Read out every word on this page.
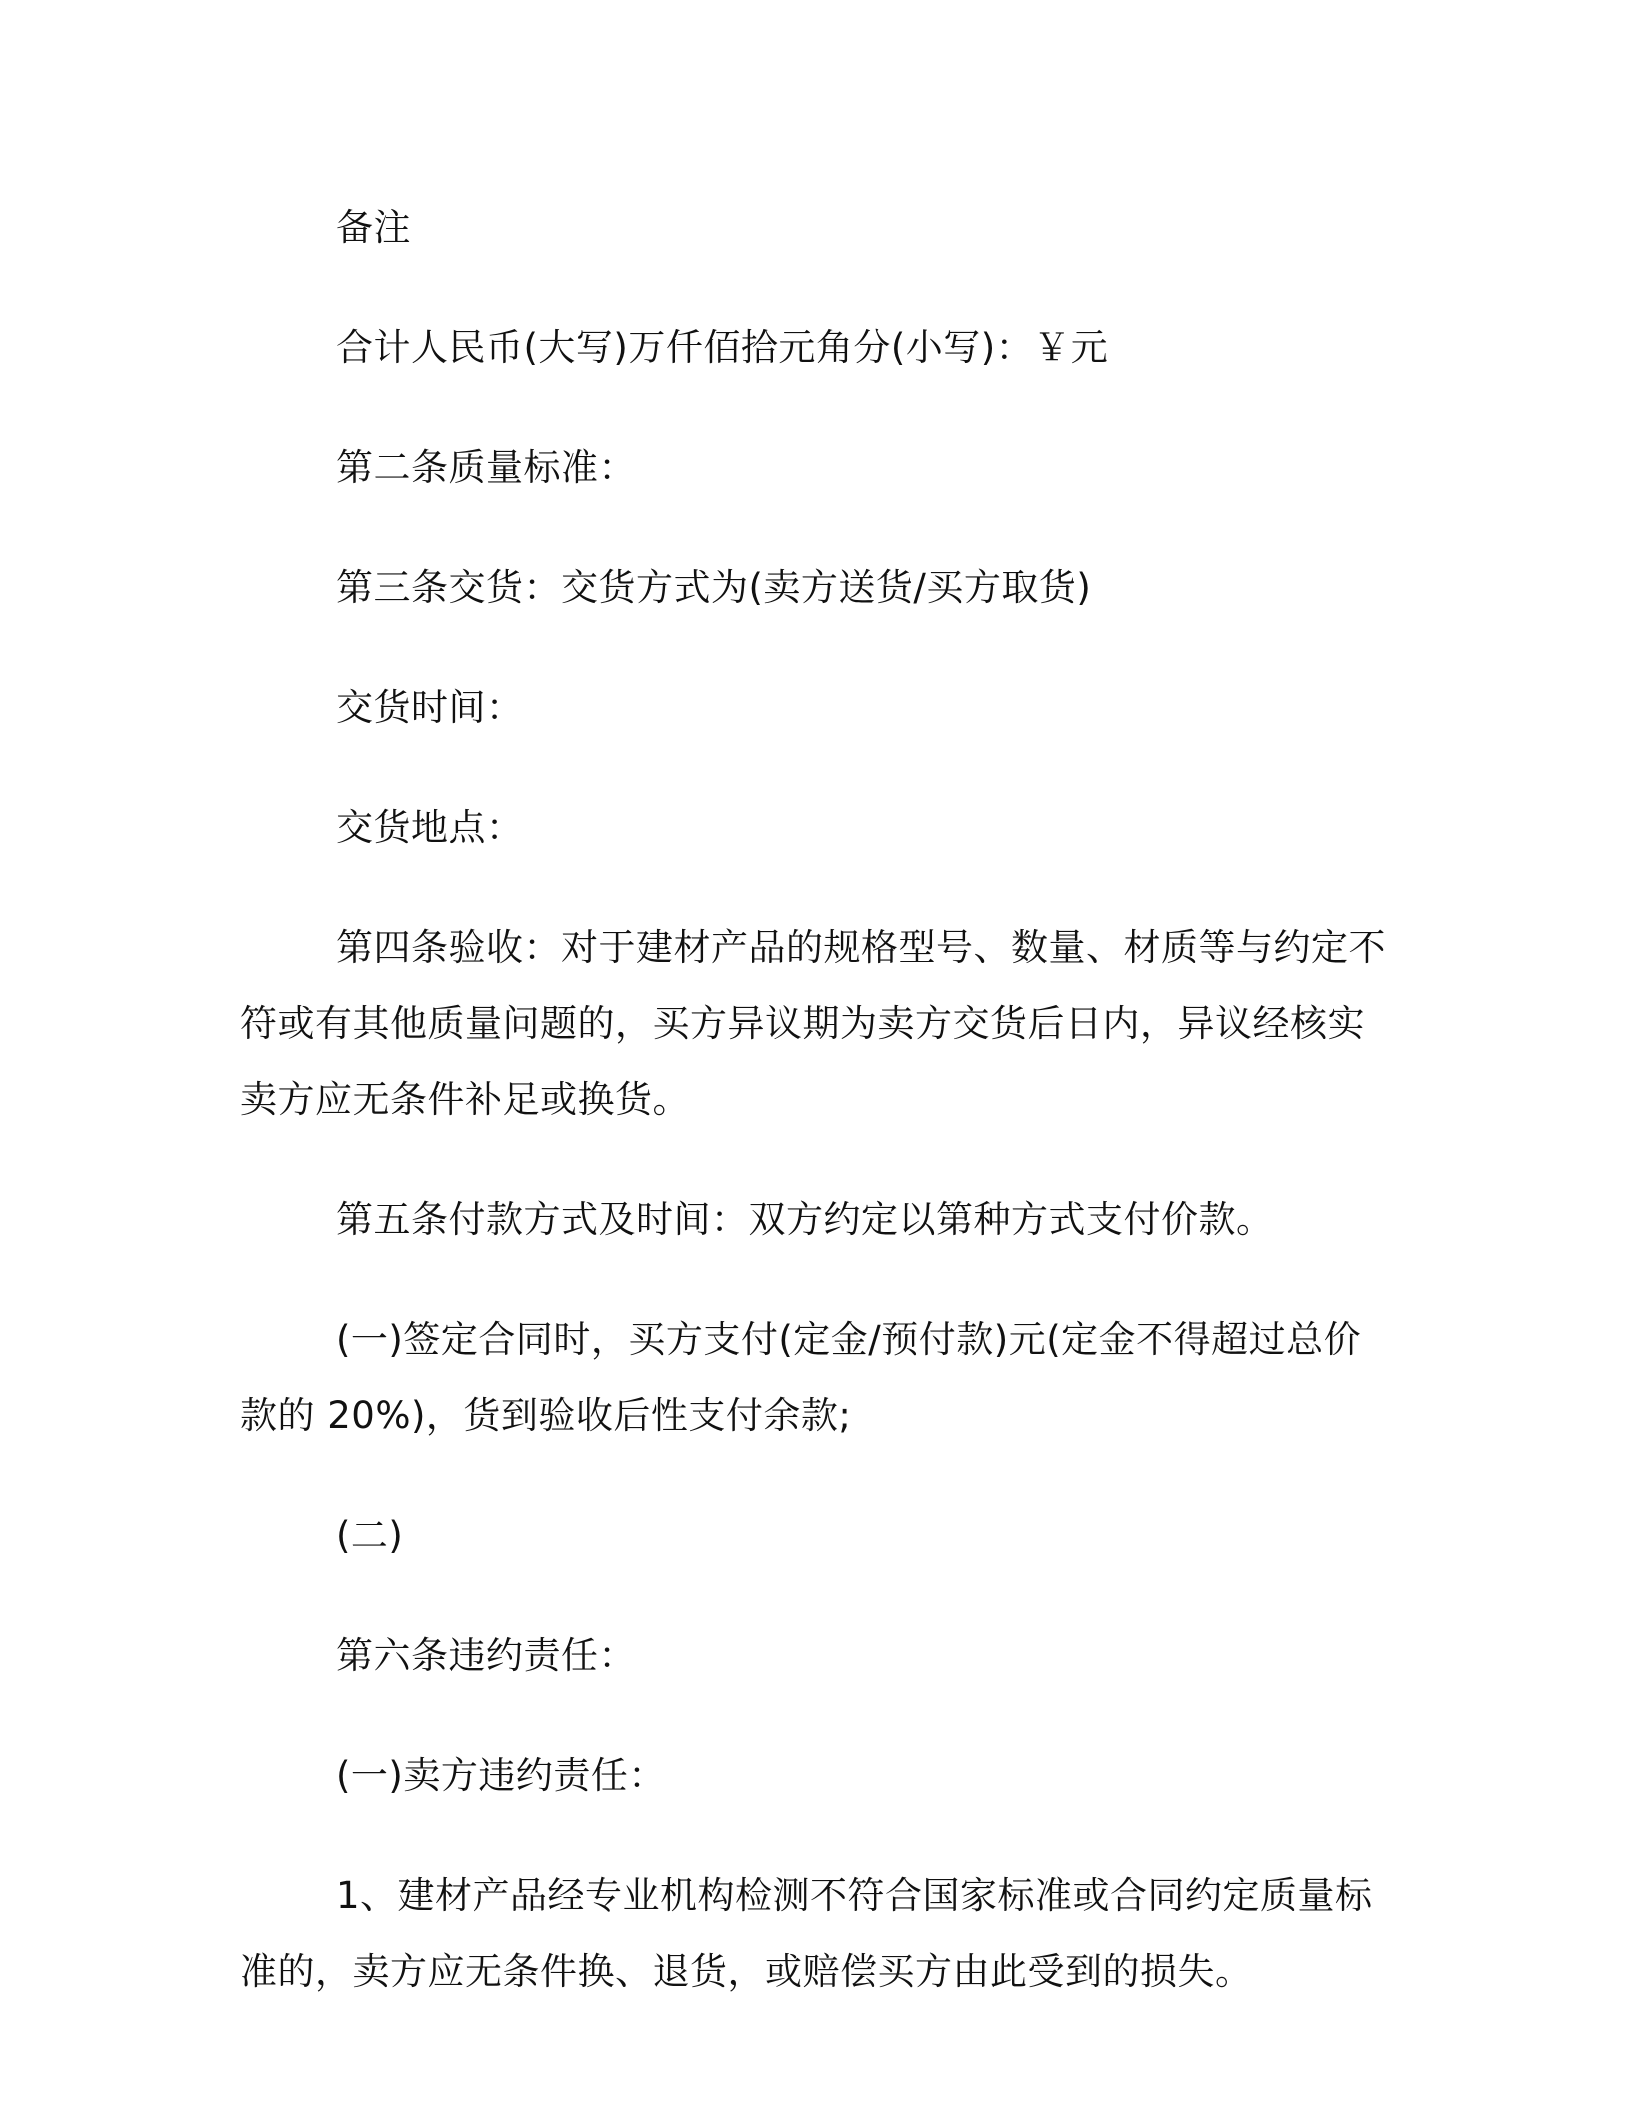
备注

合计人民币(大写)万仟佰拾元角分(小写)：￥元

第二条质量标准：

第三条交货：交货方式为(卖方送货/买方取货)

交货时间：

交货地点：

第四条验收：对于建材产品的规格型号、数量、材质等与约定不符或有其他质量问题的，买方异议期为卖方交货后日内，异议经核实卖方应无条件补足或换货。

第五条付款方式及时间：双方约定以第种方式支付价款。

(一)签定合同时，买方支付(定金/预付款)元(定金不得超过总价款的 20%)，货到验收后性支付余款;

(二)

第六条违约责任：

(一)卖方违约责任：

1、建材产品经专业机构检测不符合国家标准或合同约定质量标准的，卖方应无条件换、退货，或赔偿买方由此受到的损失。
